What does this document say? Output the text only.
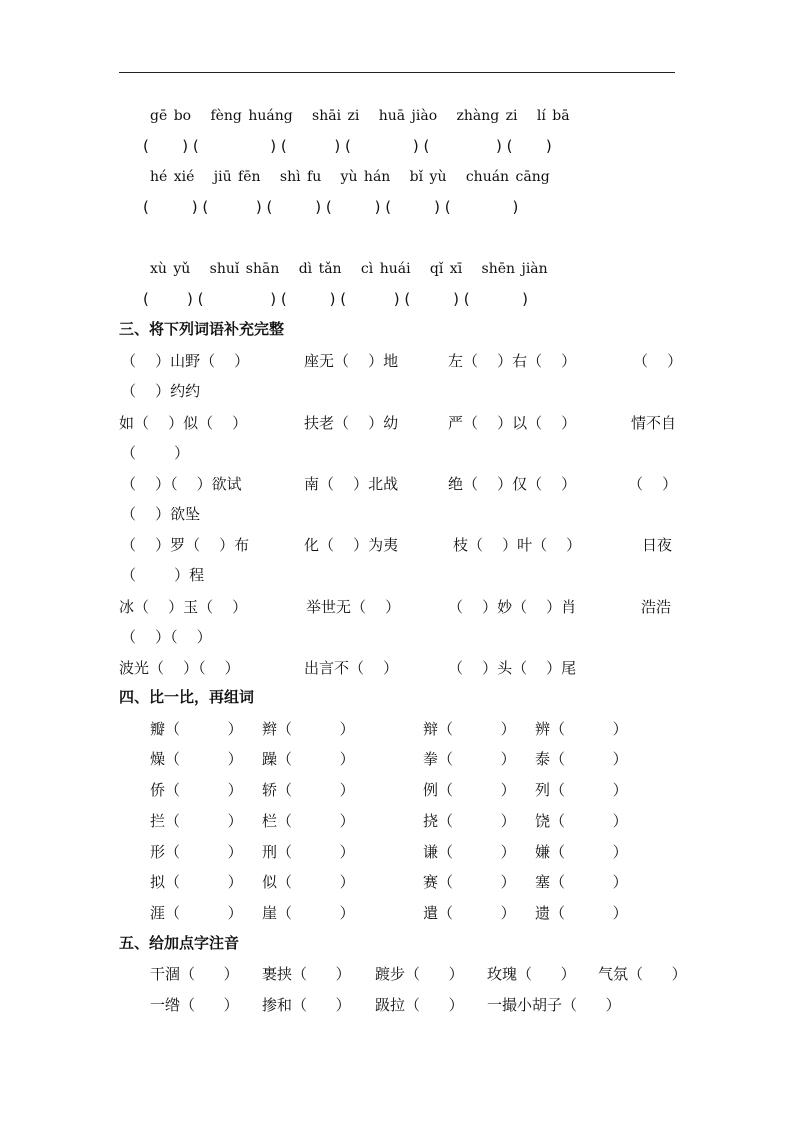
gē bo   fèng huáng   shāi zi   huā jiào   zhàng zi   lí bā
(       ) (               ) (          ) (             ) (              ) (       )
hé xié   jiū fēn   shì fu   yù hán   bǐ yù   chuán cāng
(         ) (          ) (         ) (         ) (         ) (             )
xù yǔ   shuǐ shān   dì tǎn   cì huái   qǐ xī   shēn jiàn
(        ) (              ) (         ) (          ) (         ) (           )
三、将下列词语补充完整
（    ）山野（    ）	座无（    ）地	左（    ）右（    ）	（    ）
（    ）约约
如（    ）似（    ）	扶老（    ）幼	严（    ）以（    ）	情不自
（        ）
（    ）（    ）欲试	南（    ）北战	绝（    ）仅（    ）	（    ）
（    ）欲坠
（    ）罗（    ）布	化（    ）为夷	枝（    ）叶（    ）	日夜
（        ）程
冰（    ）玉（    ）	举世无（    ）	（    ）妙（    ）肖	浩浩
（    ）（    ）
波光（    ）（    ）	出言不（    ）	（    ）头（    ）尾
四、比一比，再组词
瓣（          ） 辫（          ）	辩（          ） 辨（          ）
燥（          ） 躁（          ）	拳（          ） 泰（          ）
侨（          ） 轿（          ）	例（          ） 列（          ）
拦（          ） 栏（          ）	挠（          ） 饶（          ）
形（          ） 刑（          ）	谦（          ） 嫌（          ）
拟（          ） 似（          ）	赛（          ） 塞（          ）
涯（          ） 崖（          ）	遣（          ） 遗（          ）
五、给加点字注音
干涸（      ） 裹挟（      ） 踱步（      ） 玫瑰（      ） 气氛（      ）
一绺（      ） 掺和（      ） 趿拉（      ） 一撮小胡子（      ）
